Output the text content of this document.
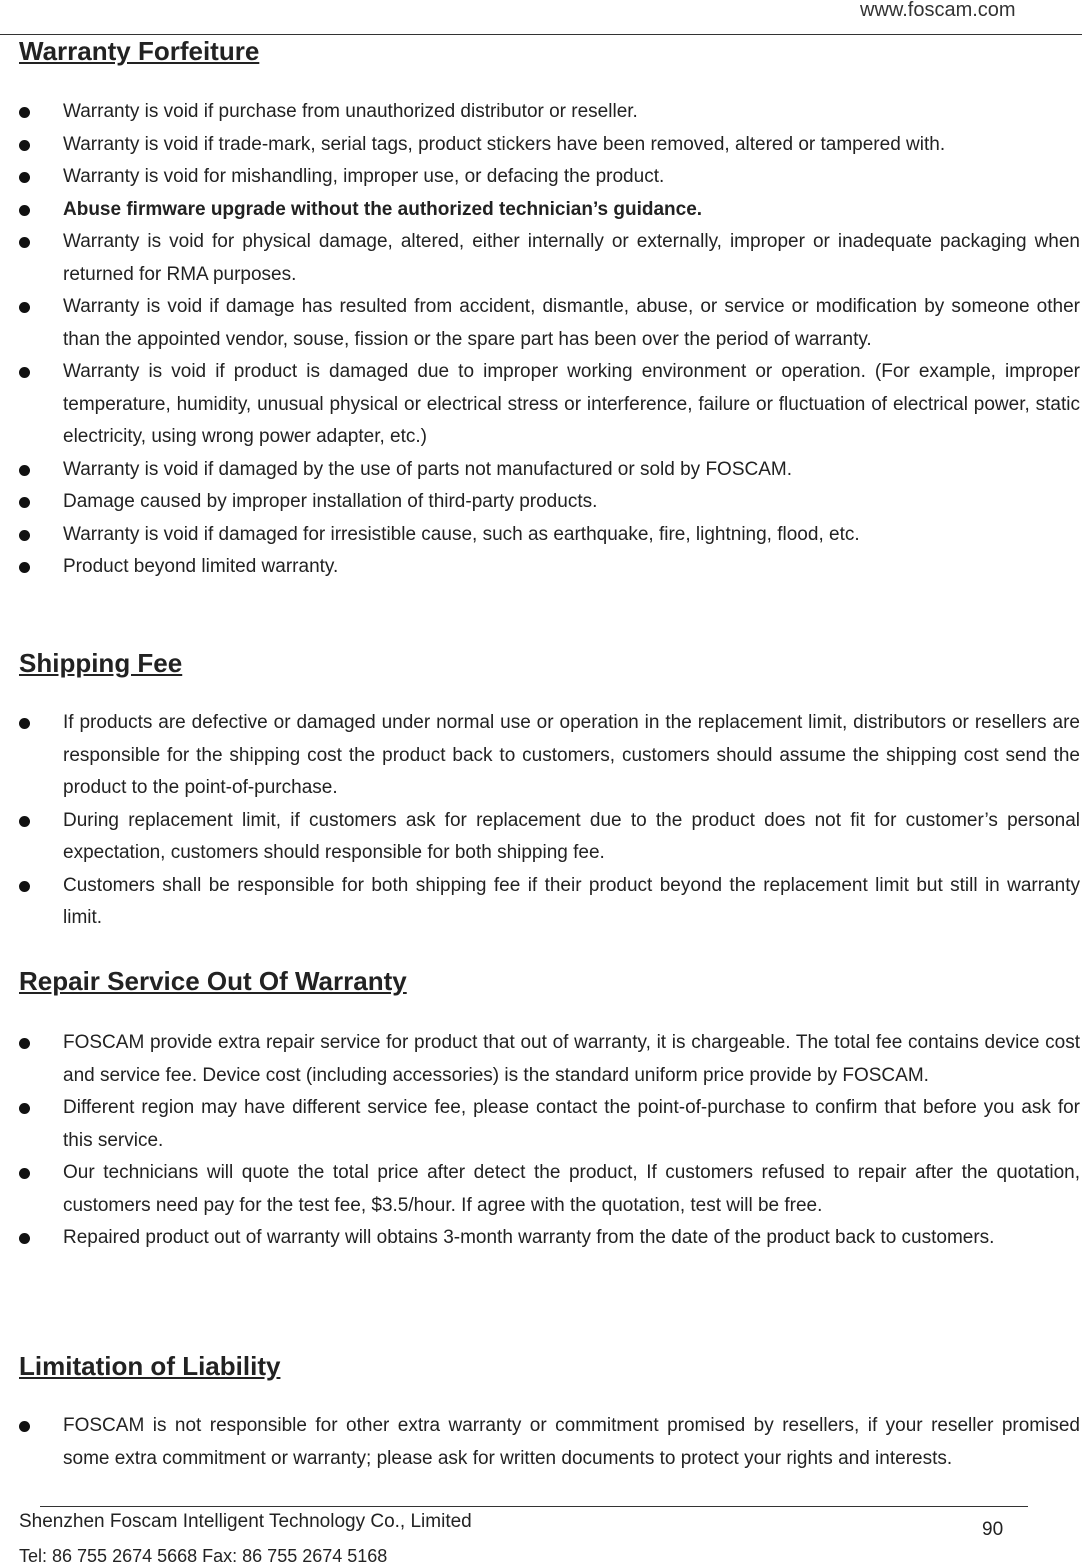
www.foscam.com
Warranty Forfeiture
Warranty is void if purchase from unauthorized distributor or reseller.
Warranty is void if trade-mark, serial tags, product stickers have been removed, altered or tampered with.
Warranty is void for mishandling, improper use, or defacing the product.
Abuse firmware upgrade without the authorized technician’s guidance.
Warranty is void for physical damage, altered, either internally or externally, improper or inadequate packaging when returned for RMA purposes.
Warranty is void if damage has resulted from accident, dismantle, abuse, or service or modification by someone other than the appointed vendor, souse, fission or the spare part has been over the period of warranty.
Warranty is void if product is damaged due to improper working environment or operation. (For example, improper temperature, humidity, unusual physical or electrical stress or interference, failure or fluctuation of electrical power, static electricity, using wrong power adapter, etc.)
Warranty is void if damaged by the use of parts not manufactured or sold by FOSCAM.
Damage caused by improper installation of third-party products.
Warranty is void if damaged for irresistible cause, such as earthquake, fire, lightning, flood, etc.
Product beyond limited warranty.
Shipping Fee
If products are defective or damaged under normal use or operation in the replacement limit, distributors or resellers are responsible for the shipping cost the product back to customers, customers should assume the shipping cost send the product to the point-of-purchase.
During replacement limit, if customers ask for replacement due to the product does not fit for customer’s personal expectation, customers should responsible for both shipping fee.
Customers shall be responsible for both shipping fee if their product beyond the replacement limit but still in warranty limit.
Repair Service Out Of Warranty
FOSCAM provide extra repair service for product that out of warranty, it is chargeable. The total fee contains device cost and service fee. Device cost (including accessories) is the standard uniform price provide by FOSCAM.
Different region may have different service fee, please contact the point-of-purchase to confirm that before you ask for this service.
Our technicians will quote the total price after detect the product, If customers refused to repair after the quotation, customers need pay for the test fee, $3.5/hour. If agree with the quotation, test will be free.
Repaired product out of warranty will obtains 3-month warranty from the date of the product back to customers.
Limitation of Liability
FOSCAM is not responsible for other extra warranty or commitment promised by resellers, if your reseller promised some extra commitment or warranty; please ask for written documents to protect your rights and interests.
Shenzhen Foscam Intelligent Technology Co., Limited	90
Tel: 86 755 2674 5668 Fax: 86 755 2674 5168
